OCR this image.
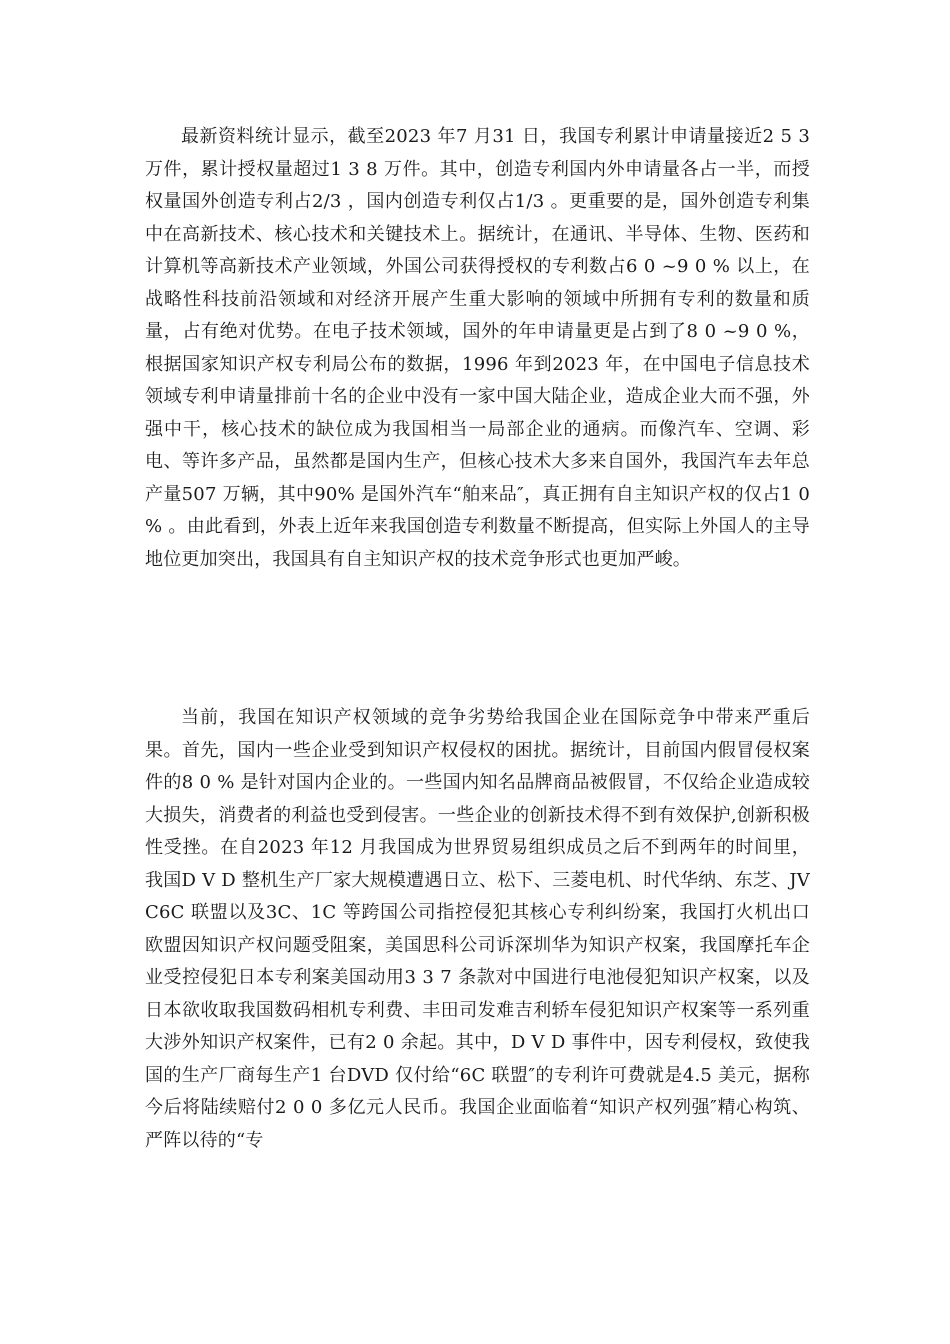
最新资料统计显示，截至2023 年7 月31 日，我国专利累计申请量接近2 5 3 万件，累计授权量超过1 3 8 万件。其中，创造专利国内外申请量各占一半，而授权量国外创造专利占2/3 ，国内创造专利仅占1/3 。更重要的是，国外创造专利集中在高新技术、核心技术和关键技术上。据统计，在通讯、半导体、生物、医药和计算机等高新技术产业领域，外国公司获得授权的专利数占6 0 ~9 0 % 以上，在战略性科技前沿领域和对经济开展产生重大影响的领域中所拥有专利的数量和质量，占有绝对优势。在电子技术领域，国外的年申请量更是占到了8 0 ~9 0 %，根据国家知识产权专利局公布的数据，1996 年到2023 年，在中国电子信息技术领域专利申请量排前十名的企业中没有一家中国大陆企业，造成企业大而不强，外强中干，核心技术的缺位成为我国相当一局部企业的通病。而像汽车、空调、彩电、等许多产品，虽然都是国内生产，但核心技术大多来自国外，我国汽车去年总产量507 万辆，其中90% 是国外汽车“舶来品″，真正拥有自主知识产权的仅占1 0 % 。由此看到，外表上近年来我国创造专利数量不断提高，但实际上外国人的主导地位更加突出，我国具有自主知识产权的技术竞争形式也更加严峻。

当前，我国在知识产权领域的竞争劣势给我国企业在国际竞争中带来严重后果。首先，国内一些企业受到知识产权侵权的困扰。据统计，目前国内假冒侵权案件的8 0 % 是针对国内企业的。一些国内知名品牌商品被假冒，不仅给企业造成较大损失，消费者的利益也受到侵害。一些企业的创新技术得不到有效保护,创新积极性受挫。在自2023 年12 月我国成为世界贸易组织成员之后不到两年的时间里， 我国D V D 整机生产厂家大规模遭遇日立、松下、三菱电机、时代华纳、东芝、JVC6C 联盟以及3C、1C 等跨国公司指控侵犯其核心专利纠纷案，我国打火机出口欧盟因知识产权问题受阻案，美国思科公司诉深圳华为知识产权案，我国摩托车企业受控侵犯日本专利案美国动用3 3 7 条款对中国进行电池侵犯知识产权案，以及日本欲收取我国数码相机专利费、丰田司发难吉利轿车侵犯知识产权案等一系列重大涉外知识产权案件，已有2 0 余起。其中，D V D 事件中，因专利侵权，致使我国的生产厂商每生产1 台DVD 仅付给“6C 联盟″的专利许可费就是4.5 美元，据称今后将陆续赔付2 0 0 多亿元人民币。我国企业面临着“知识产权列强″精心构筑、严阵以待的“专
